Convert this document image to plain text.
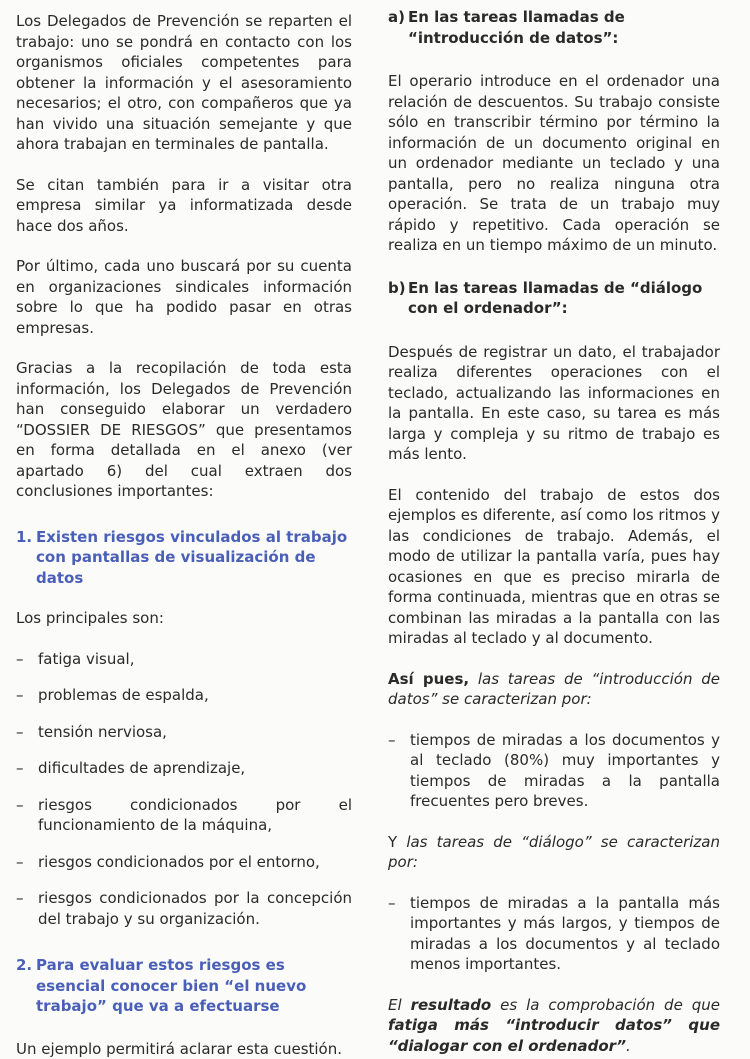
Los Delegados de Prevención se reparten el trabajo: uno se pondrá en contacto con los organismos oficiales competentes para obtener la información y el asesoramiento necesarios; el otro, con compañeros que ya han vivido una situación semejante y que ahora trabajan en terminales de pantalla.

Se citan también para ir a visitar otra empresa similar ya informatizada desde hace dos años.

Por último, cada uno buscará por su cuenta en organizaciones sindicales información sobre lo que ha podido pasar en otras empresas.

Gracias a la recopilación de toda esta información, los Delegados de Prevención han conseguido elaborar un verdadero “DOSSIER DE RIESGOS” que presentamos en forma detallada en el anexo (ver apartado 6) del cual extraen dos conclusiones importantes:

1. Existen riesgos vinculados al trabajo con pantallas de visualización de datos

Los principales son:

– fatiga visual,
– problemas de espalda,
– tensión nerviosa,
– dificultades de aprendizaje,
– riesgos condicionados por el funcionamiento de la máquina,
– riesgos condicionados por el entorno,
– riesgos condicionados por la concepción del trabajo y su organización.
2. Para evaluar estos riesgos es esencial conocer bien “el nuevo trabajo” que va a efectuarse

Un ejemplo permitirá aclarar esta cuestión.

a) En las tareas llamadas de “introducción de datos”:

El operario introduce en el ordenador una relación de descuentos. Su trabajo consiste sólo en transcribir término por término la información de un documento original en un ordenador mediante un teclado y una pantalla, pero no realiza ninguna otra operación. Se trata de un trabajo muy rápido y repetitivo. Cada operación se realiza en un tiempo máximo de un minuto.

b) En las tareas llamadas de “diálogo con el ordenador”:

Después de registrar un dato, el trabajador realiza diferentes operaciones con el teclado, actualizando las informaciones en la pantalla. En este caso, su tarea es más larga y compleja y su ritmo de trabajo es más lento.

El contenido del trabajo de estos dos ejemplos es diferente, así como los ritmos y las condiciones de trabajo. Además, el modo de utilizar la pantalla varía, pues hay ocasiones en que es preciso mirarla de forma continuada, mientras que en otras se combinan las miradas a la pantalla con las miradas al teclado y al documento.

Así pues, las tareas de “introducción de datos” se caracterizan por:

– tiempos de miradas a los documentos y al teclado (80%) muy importantes y tiempos de miradas a la pantalla frecuentes pero breves.

Y las tareas de “diálogo” se caracterizan por:

– tiempos de miradas a la pantalla más importantes y más largos, y tiempos de miradas a los documentos y al teclado menos importantes.

El resultado es la comprobación de que fatiga más “introducir datos” que “dialogar con el ordenador”.
